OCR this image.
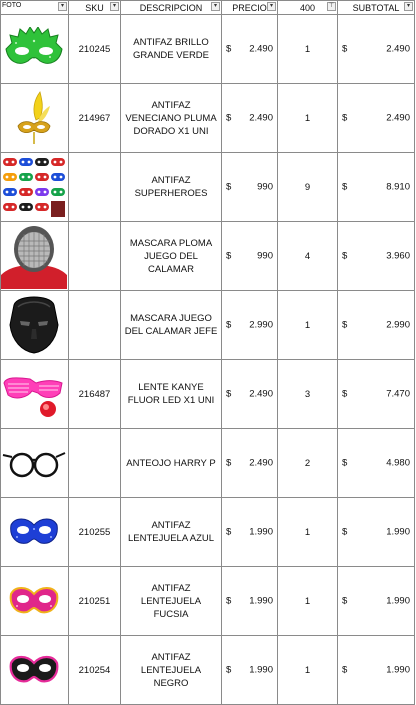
FOTO ▾	SKU ▾	DESCRIPCION ▾	PRECIO ▾	400 ⊤	SUBTOTAL ▾

	210245	ANTIFAZ BRILLO GRANDE VERDE	$ 2.490	1	$ 2.490

	214967	ANTIFAZ VENECIANO PLUMA DORADO X1 UNI	$ 2.490	1	$ 2.490

		ANTIFAZ SUPERHEROES	$ 990	9	$ 8.910

		MASCARA PLOMA JUEGO DEL CALAMAR	$ 990	4	$ 3.960

		MASCARA JUEGO DEL CALAMAR JEFE	$ 2.990	1	$ 2.990

	216487	LENTE KANYE FLUOR LED X1 UNI	$ 2.490	3	$ 7.470

		ANTEOJO HARRY P	$ 2.490	2	$ 4.980

	210255	ANTIFAZ LENTEJUELA AZUL	$ 1.990	1	$ 1.990

	210251	ANTIFAZ LENTEJUELA FUCSIA	$ 1.990	1	$ 1.990

	210254	ANTIFAZ LENTEJUELA NEGRO	$ 1.990	1	$ 1.990
